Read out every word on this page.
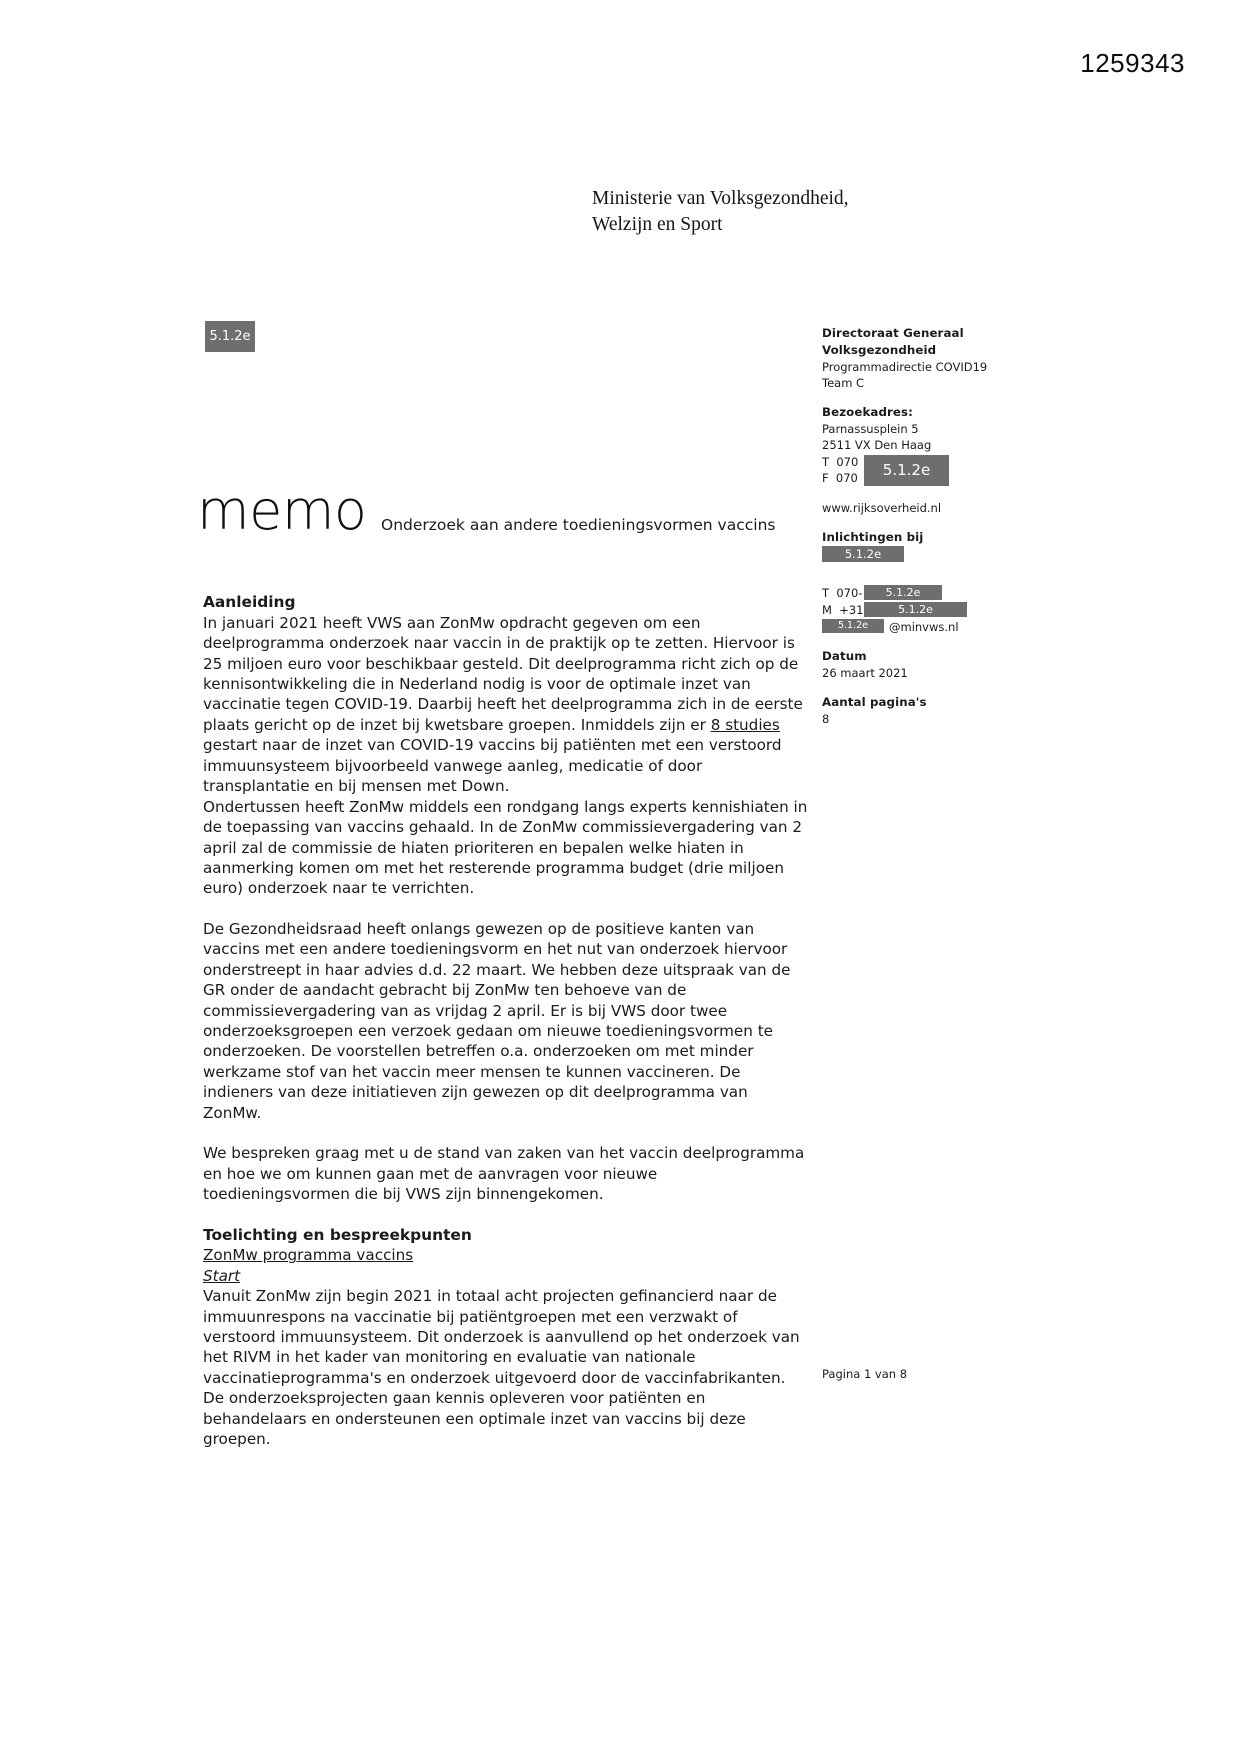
1259343
Ministerie van Volksgezondheid,
Welzijn en Sport
5.1.2e
memo Onderzoek aan andere toedieningsvormen vaccins
Directoraat Generaal
Volksgezondheid
Programmadirectie COVID19
Team C
Bezoekadres:
Parnassusplein 5
2511 VX Den Haag
T  070
F  070	5.1.2e
www.rijksoverheid.nl
Inlichtingen bij
5.1.2e
T  070-	5.1.2e
M  +31	5.1.2e
5.1.2e	@minvws.nl
Datum
26 maart 2021
Aantal pagina's
8
Aanleiding

In januari 2021 heeft VWS aan ZonMw opdracht gegeven om een deelprogramma onderzoek naar vaccin in de praktijk op te zetten. Hiervoor is 25 miljoen euro voor beschikbaar gesteld. Dit deelprogramma richt zich op de kennisontwikkeling die in Nederland nodig is voor de optimale inzet van vaccinatie tegen COVID-19. Daarbij heeft het deelprogramma zich in de eerste plaats gericht op de inzet bij kwetsbare groepen. Inmiddels zijn er 8 studies gestart naar de inzet van COVID-19 vaccins bij patiënten met een verstoord immuunsysteem bijvoorbeeld vanwege aanleg, medicatie of door transplantatie en bij mensen met Down.

Ondertussen heeft ZonMw middels een rondgang langs experts kennishiaten in de toepassing van vaccins gehaald. In de ZonMw commissievergadering van 2 april zal de commissie de hiaten prioriteren en bepalen welke hiaten in aanmerking komen om met het resterende programma budget (drie miljoen euro) onderzoek naar te verrichten.

De Gezondheidsraad heeft onlangs gewezen op de positieve kanten van vaccins met een andere toedieningsvorm en het nut van onderzoek hiervoor onderstreept in haar advies d.d. 22 maart. We hebben deze uitspraak van de GR onder de aandacht gebracht bij ZonMw ten behoeve van de commissievergadering van as vrijdag 2 april. Er is bij VWS door twee onderzoeksgroepen een verzoek gedaan om nieuwe toedieningsvormen te onderzoeken. De voorstellen betreffen o.a. onderzoeken om met minder werkzame stof van het vaccin meer mensen te kunnen vaccineren. De indieners van deze initiatieven zijn gewezen op dit deelprogramma van ZonMw.

We bespreken graag met u de stand van zaken van het vaccin deelprogramma en hoe we om kunnen gaan met de aanvragen voor nieuwe toedieningsvormen die bij VWS zijn binnengekomen.

Toelichting en bespreekpunten

ZonMw programma vaccins

Start

Vanuit ZonMw zijn begin 2021 in totaal acht projecten gefinancierd naar de immuunrespons na vaccinatie bij patiëntgroepen met een verzwakt of verstoord immuunsysteem. Dit onderzoek is aanvullend op het onderzoek van het RIVM in het kader van monitoring en evaluatie van nationale vaccinatieprogramma's en onderzoek uitgevoerd door de vaccinfabrikanten. De onderzoeksprojecten gaan kennis opleveren voor patiënten en behandelaars en ondersteunen een optimale inzet van vaccins bij deze groepen.

Pagina 1 van 8
